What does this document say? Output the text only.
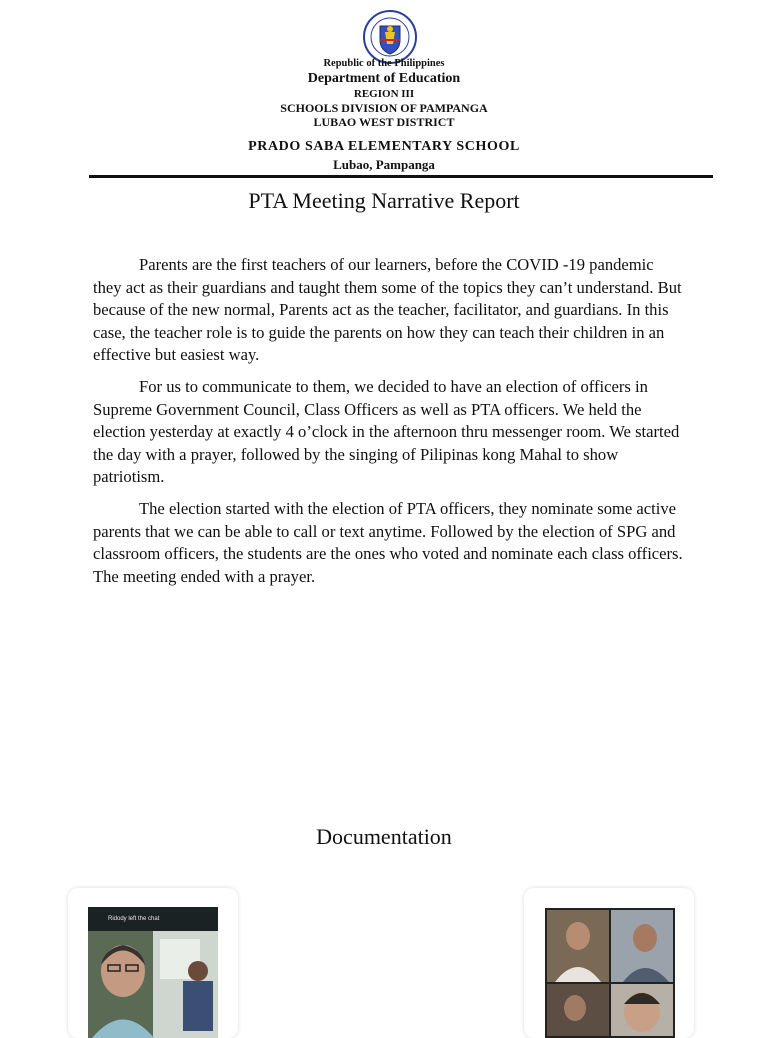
Republic of the Philippines
Department of Education
REGION III
SCHOOLS DIVISION OF PAMPANGA
LUBAO WEST DISTRICT
PRADO SABA ELEMENTARY SCHOOL
Lubao, Pampanga
PTA Meeting Narrative Report

Parents are the first teachers of our learners, before the COVID -19 pandemic they act as their guardians and taught them some of the topics they can’t understand. But because of the new normal, Parents act as the teacher, facilitator, and guardians. In this case, the teacher role is to guide the parents on how they can teach their children in an effective but easiest way.

For us to communicate to them, we decided to have an election of officers in Supreme Government Council, Class Officers as well as PTA officers. We held the election yesterday at exactly 4 o’clock in the afternoon thru messenger room. We started the day with a prayer, followed by the singing of Pilipinas kong Mahal to show patriotism.

The election started with the election of PTA officers, they nominate some active parents that we can be able to call or text anytime. Followed by the election of SPG and classroom officers, the students are the ones who voted and nominate each class officers. The meeting ended with a prayer.

Documentation
Ridody left the chat
